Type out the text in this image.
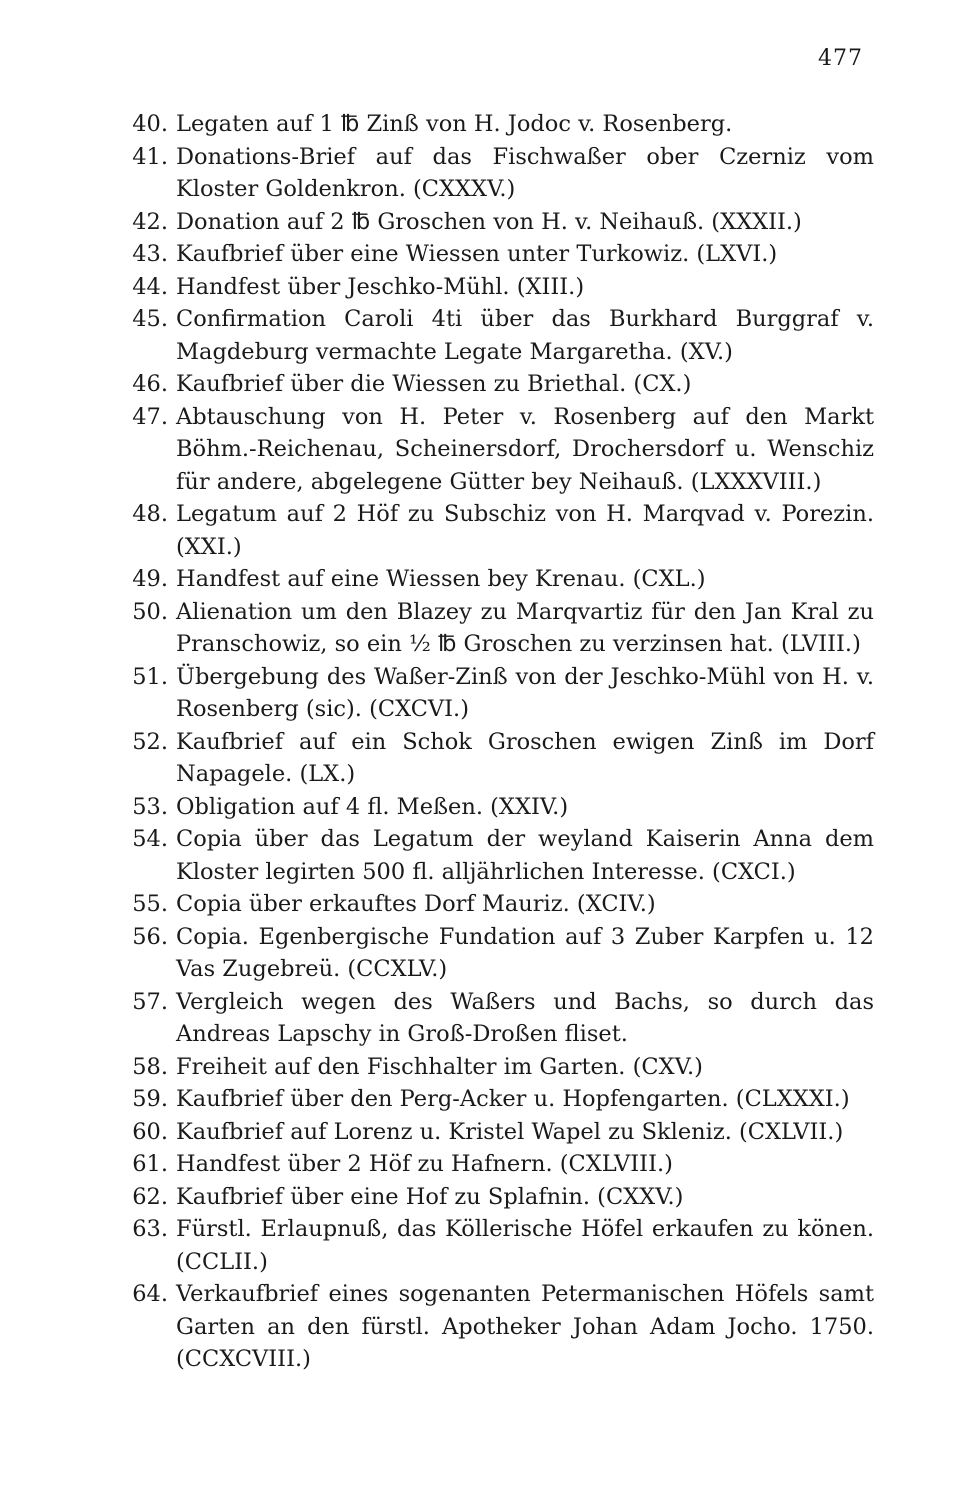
477
40. Legaten auf 1 ℔ Zinß von H. Jodoc v. Rosenberg.
41. Donations-Brief auf das Fischwaßer ober Czerniz vom Kloster Goldenkron. (CXXXV.)
42. Donation auf 2 ℔ Groschen von H. v. Neihauß. (XXXII.)
43. Kaufbrief über eine Wiessen unter Turkowiz. (LXVI.)
44. Handfest über Jeschko-Mühl. (XIII.)
45. Confirmation Caroli 4ti über das Burkhard Burggraf v. Magdeburg vermachte Legate Margaretha. (XV.)
46. Kaufbrief über die Wiessen zu Briethal. (CX.)
47. Abtauschung von H. Peter v. Rosenberg auf den Markt Böhm.-Reichenau, Scheinersdorf, Drochersdorf u. Wenschiz für andere, abgelegene Gütter bey Neihauß. (LXXXVIII.)
48. Legatum auf 2 Höf zu Subschiz von H. Marqvad v. Porezin. (XXI.)
49. Handfest auf eine Wiessen bey Krenau. (CXL.)
50. Alienation um den Blazey zu Marqvartiz für den Jan Kral zu Pranschowiz, so ein ½ ℔ Groschen zu verzinsen hat. (LVIII.)
51. Übergebung des Waßer-Zinß von der Jeschko-Mühl von H. v. Rosenberg (sic). (CXCVI.)
52. Kaufbrief auf ein Schok Groschen ewigen Zinß im Dorf Napagele. (LX.)
53. Obligation auf 4 fl. Meßen. (XXIV.)
54. Copia über das Legatum der weyland Kaiserin Anna dem Kloster legirten 500 fl. alljährlichen Interesse. (CXCI.)
55. Copia über erkauftes Dorf Mauriz. (XCIV.)
56. Copia. Egenbergische Fundation auf 3 Zuber Karpfen u. 12 Vas Zugebreü. (CCXLV.)
57. Vergleich wegen des Waßers und Bachs, so durch das Andreas Lapschy in Groß-Droßen fliset.
58. Freiheit auf den Fischhalter im Garten. (CXV.)
59. Kaufbrief über den Perg-Acker u. Hopfengarten. (CLXXXI.)
60. Kaufbrief auf Lorenz u. Kristel Wapel zu Skleniz. (CXLVII.)
61. Handfest über 2 Höf zu Hafnern. (CXLVIII.)
62. Kaufbrief über eine Hof zu Splafnin. (CXXV.)
63. Fürstl. Erlaupnuß, das Köllerische Höfel erkaufen zu könen. (CCLII.)
64. Verkaufbrief eines sogenanten Petermanischen Höfels samt Garten an den fürstl. Apotheker Johan Adam Jocho. 1750. (CCXCVIII.)
